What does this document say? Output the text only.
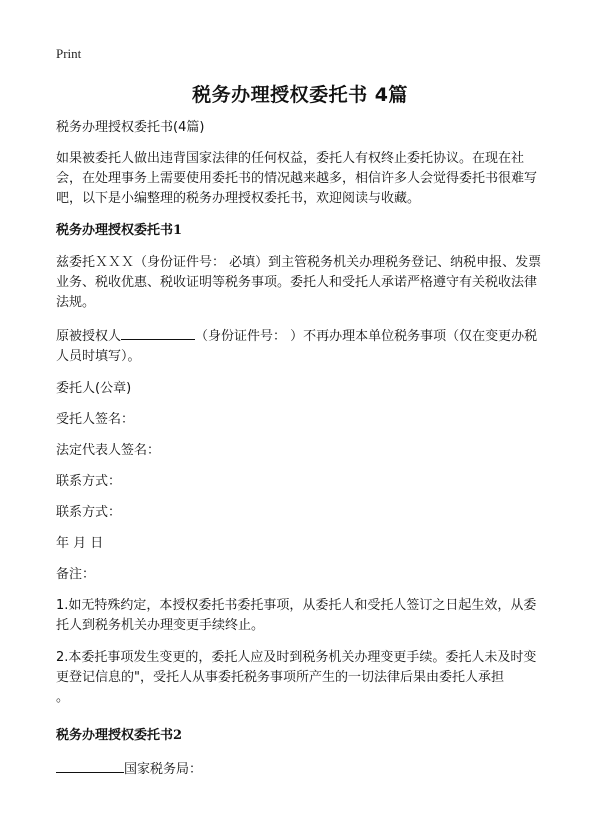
Print
税务办理授权委托书 4篇

税务办理授权委托书(4篇)

如果被委托人做出违背国家法律的任何权益，委托人有权终止委托协议。在现在社会，在处理事务上需要使用委托书的情况越来越多，相信许多人会觉得委托书很难写吧，以下是小编整理的税务办理授权委托书，欢迎阅读与收藏。

税务办理授权委托书1

兹委托ＸＸＸ（身份证件号： 必填）到主管税务机关办理税务登记、纳税申报、发票业务、税收优惠、税收证明等税务事项。委托人和受托人承诺严格遵守有关税收法律法规。

原被授权人	（身份证件号： ）不再办理本单位税务事项（仅在变更办税人员时填写）。

委托人(公章)

受托人签名：

法定代表人签名：

联系方式：

联系方式：

年 月 日

备注：

1.如无特殊约定，本授权委托书委托事项，从委托人和受托人签订之日起生效，从委托人到税务机关办理变更手续终止。

2.本委托事项发生变更的，委托人应及时到税务机关办理变更手续。委托人未及时变更登记信息的"，受托人从事委托税务事项所产生的一切法律后果由委托人承担

。

税务办理授权委托书2

国家税务局：
